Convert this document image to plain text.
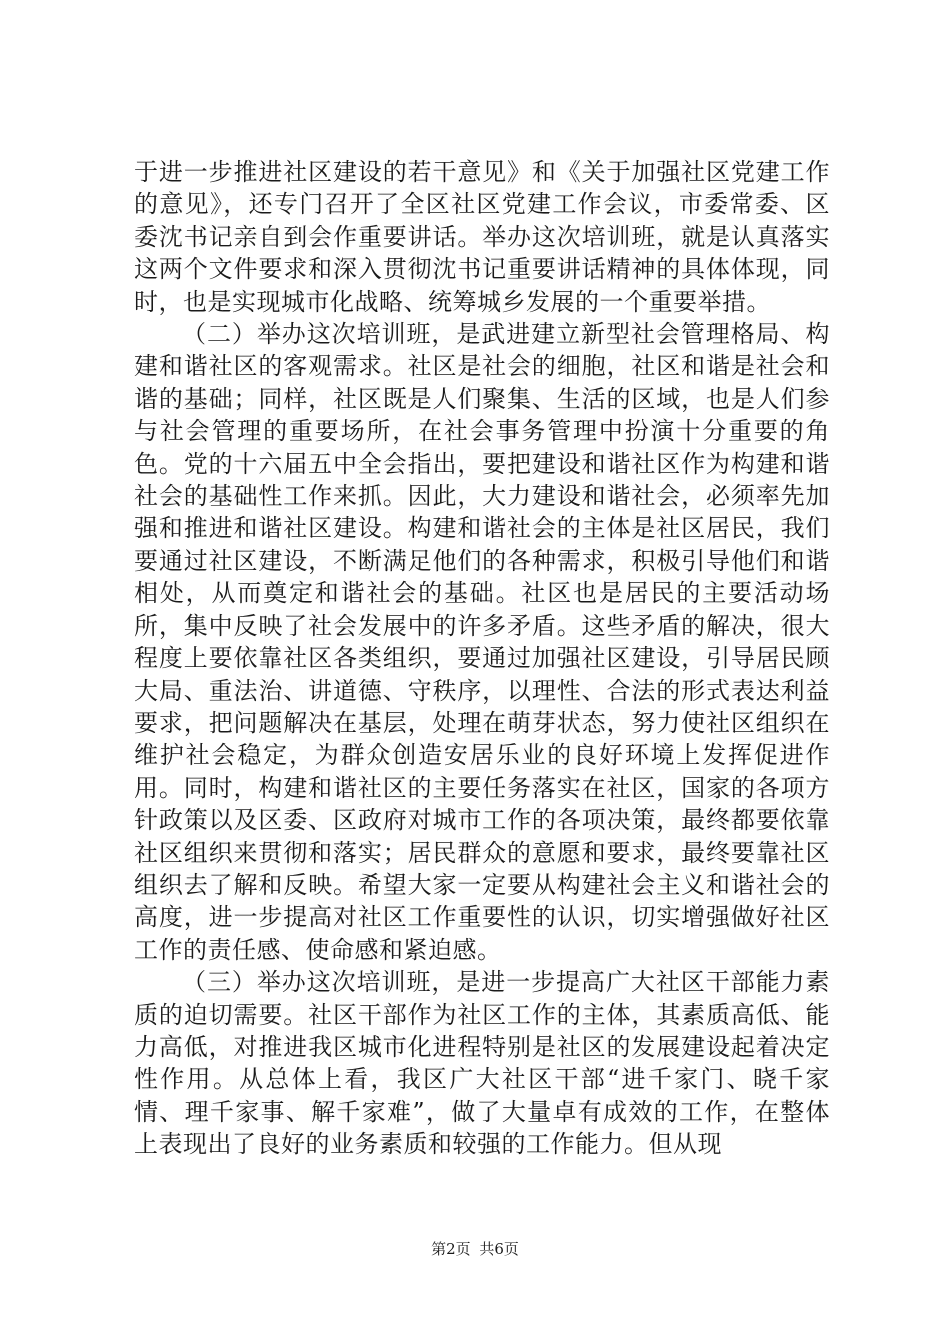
于进一步推进社区建设的若干意见》和《关于加强社区党建工作的意见》，还专门召开了全区社区党建工作会议，市委常委、区委沈书记亲自到会作重要讲话。举办这次培训班，就是认真落实这两个文件要求和深入贯彻沈书记重要讲话精神的具体体现，同时，也是实现城市化战略、统筹城乡发展的一个重要举措。

（二）举办这次培训班，是武进建立新型社会管理格局、构建和谐社区的客观需求。社区是社会的细胞，社区和谐是社会和谐的基础；同样，社区既是人们聚集、生活的区域，也是人们参与社会管理的重要场所，在社会事务管理中扮演十分重要的角色。党的十六届五中全会指出，要把建设和谐社区作为构建和谐社会的基础性工作来抓。因此，大力建设和谐社会，必须率先加强和推进和谐社区建设。构建和谐社会的主体是社区居民，我们要通过社区建设，不断满足他们的各种需求，积极引导他们和谐相处，从而奠定和谐社会的基础。社区也是居民的主要活动场所，集中反映了社会发展中的许多矛盾。这些矛盾的解决，很大程度上要依靠社区各类组织，要通过加强社区建设，引导居民顾大局、重法治、讲道德、守秩序，以理性、合法的形式表达利益要求，把问题解决在基层，处理在萌芽状态，努力使社区组织在维护社会稳定，为群众创造安居乐业的良好环境上发挥促进作用。同时，构建和谐社区的主要任务落实在社区，国家的各项方针政策以及区委、区政府对城市工作的各项决策，最终都要依靠社区组织来贯彻和落实；居民群众的意愿和要求，最终要靠社区组织去了解和反映。希望大家一定要从构建社会主义和谐社会的高度，进一步提高对社区工作重要性的认识，切实增强做好社区工作的责任感、使命感和紧迫感。

（三）举办这次培训班，是进一步提高广大社区干部能力素质的迫切需要。社区干部作为社区工作的主体，其素质高低、能力高低，对推进我区城市化进程特别是社区的发展建设起着决定性作用。从总体上看，我区广大社区干部“进千家门、晓千家情、理千家事、解千家难”，做了大量卓有成效的工作，在整体上表现出了良好的业务素质和较强的工作能力。但从现

第2页 共6页
